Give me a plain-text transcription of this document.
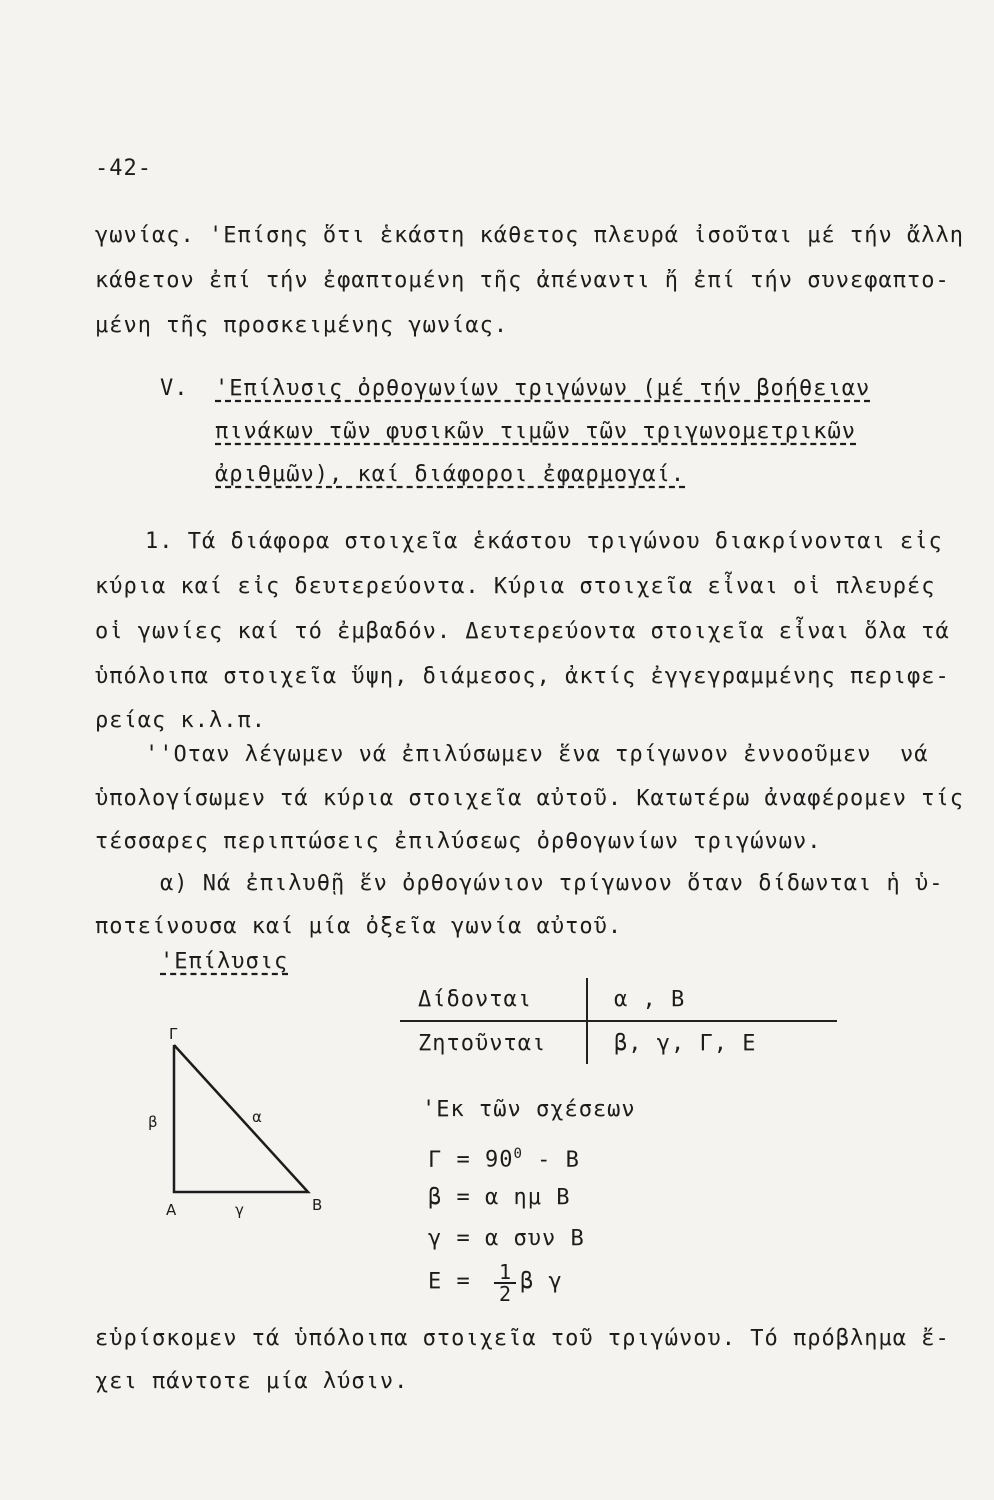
-42-
γωνίας. 'Επίσης ὅτι ἑκάστη κάθετος πλευρά ἰσοῦται μέ τήν ἄλλη
κάθετον ἐπί τήν ἐφαπτομένη τῆς ἀπέναντι ἤ ἐπί τήν συνεφαπτο-
μένη τῆς προσκειμένης γωνίας.
V. 'Επίλυσις ὀρθογωνίων τριγώνων (μέ τήν βοήθειαν
πινάκων τῶν φυσικῶν τιμῶν τῶν τριγωνομετρικῶν
ἀριθμῶν), καί διάφοροι ἐφαρμογαί.
1. Τά διάφορα στοιχεῖα ἑκάστου τριγώνου διακρίνονται εἰς
κύρια καί εἰς δευτερεύοντα. Κύρια στοιχεῖα εἶναι οἱ πλευρές
οἱ γωνίες καί τό ἐμβαδόν. Δευτερεύοντα στοιχεῖα εἶναι ὅλα τά
ὑπόλοιπα στοιχεῖα ὕψη, διάμεσος, ἀκτίς ἐγγεγραμμένης περιφε-
ρείας κ.λ.π.
''Οταν λέγωμεν νά ἐπιλύσωμεν ἕνα τρίγωνον ἐννοοῦμεν  νά
ὑπολογίσωμεν τά κύρια στοιχεῖα αὐτοῦ. Κατωτέρω ἀναφέρομεν τίς
τέσσαρες περιπτώσεις ἐπιλύσεως ὀρθογωνίων τριγώνων.
α) Νά ἐπιλυθῇ ἕν ὀρθογώνιον τρίγωνον ὅταν δίδωνται ἡ ὑ-
ποτείνουσα καί μία ὀξεῖα γωνία αὐτοῦ.
'Επίλυσις
Δίδονται	α , Β
Ζητοῦνται	β, γ, Γ, Ε
Γ
Α	Β
β
γ
α	'Εκ τῶν σχέσεων
$\Gamma = 90^0 - B$
β = α ημ Β
γ = α συν Β
$E = \frac{1}{2}$ β γ
εὑρίσκομεν τά ὑπόλοιπα στοιχεῖα τοῦ τριγώνου. Τό πρόβλημα ἔ-
χει πάντοτε μία λύσιν.
